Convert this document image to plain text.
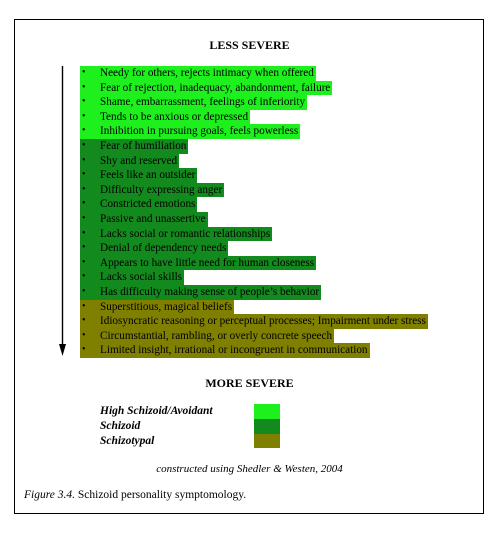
LESS SEVERE
•
Needy for others, rejects intimacy when offered
•
Fear of rejection, inadequacy, abandonment, failure
•
Shame, embarrassment, feelings of inferiority
•
Tends to be anxious or depressed
•
Inhibition in pursuing goals, feels powerless
•
Fear of humiliation
•
Shy and reserved
•
Feels like an outsider
•
Difficulty expressing anger
•
Constricted emotions
•
Passive and unassertive
•
Lacks social or romantic relationships
•
Denial of dependency needs
•
Appears to have little need for human closeness
•
Lacks social skills
•
Has difficulty making sense of people’s behavior
•
Superstitious, magical beliefs
•
Idiosyncratic reasoning or perceptual processes; Impairment under stress
•
Circumstantial, rambling, or overly concrete speech
•
Limited insight, irrational or incongruent in communication
MORE SEVERE
High Schizoid/Avoidant
Schizoid
Schizotypal
constructed using Shedler & Westen, 2004
Figure 3.4. Schizoid personality symptomology.
